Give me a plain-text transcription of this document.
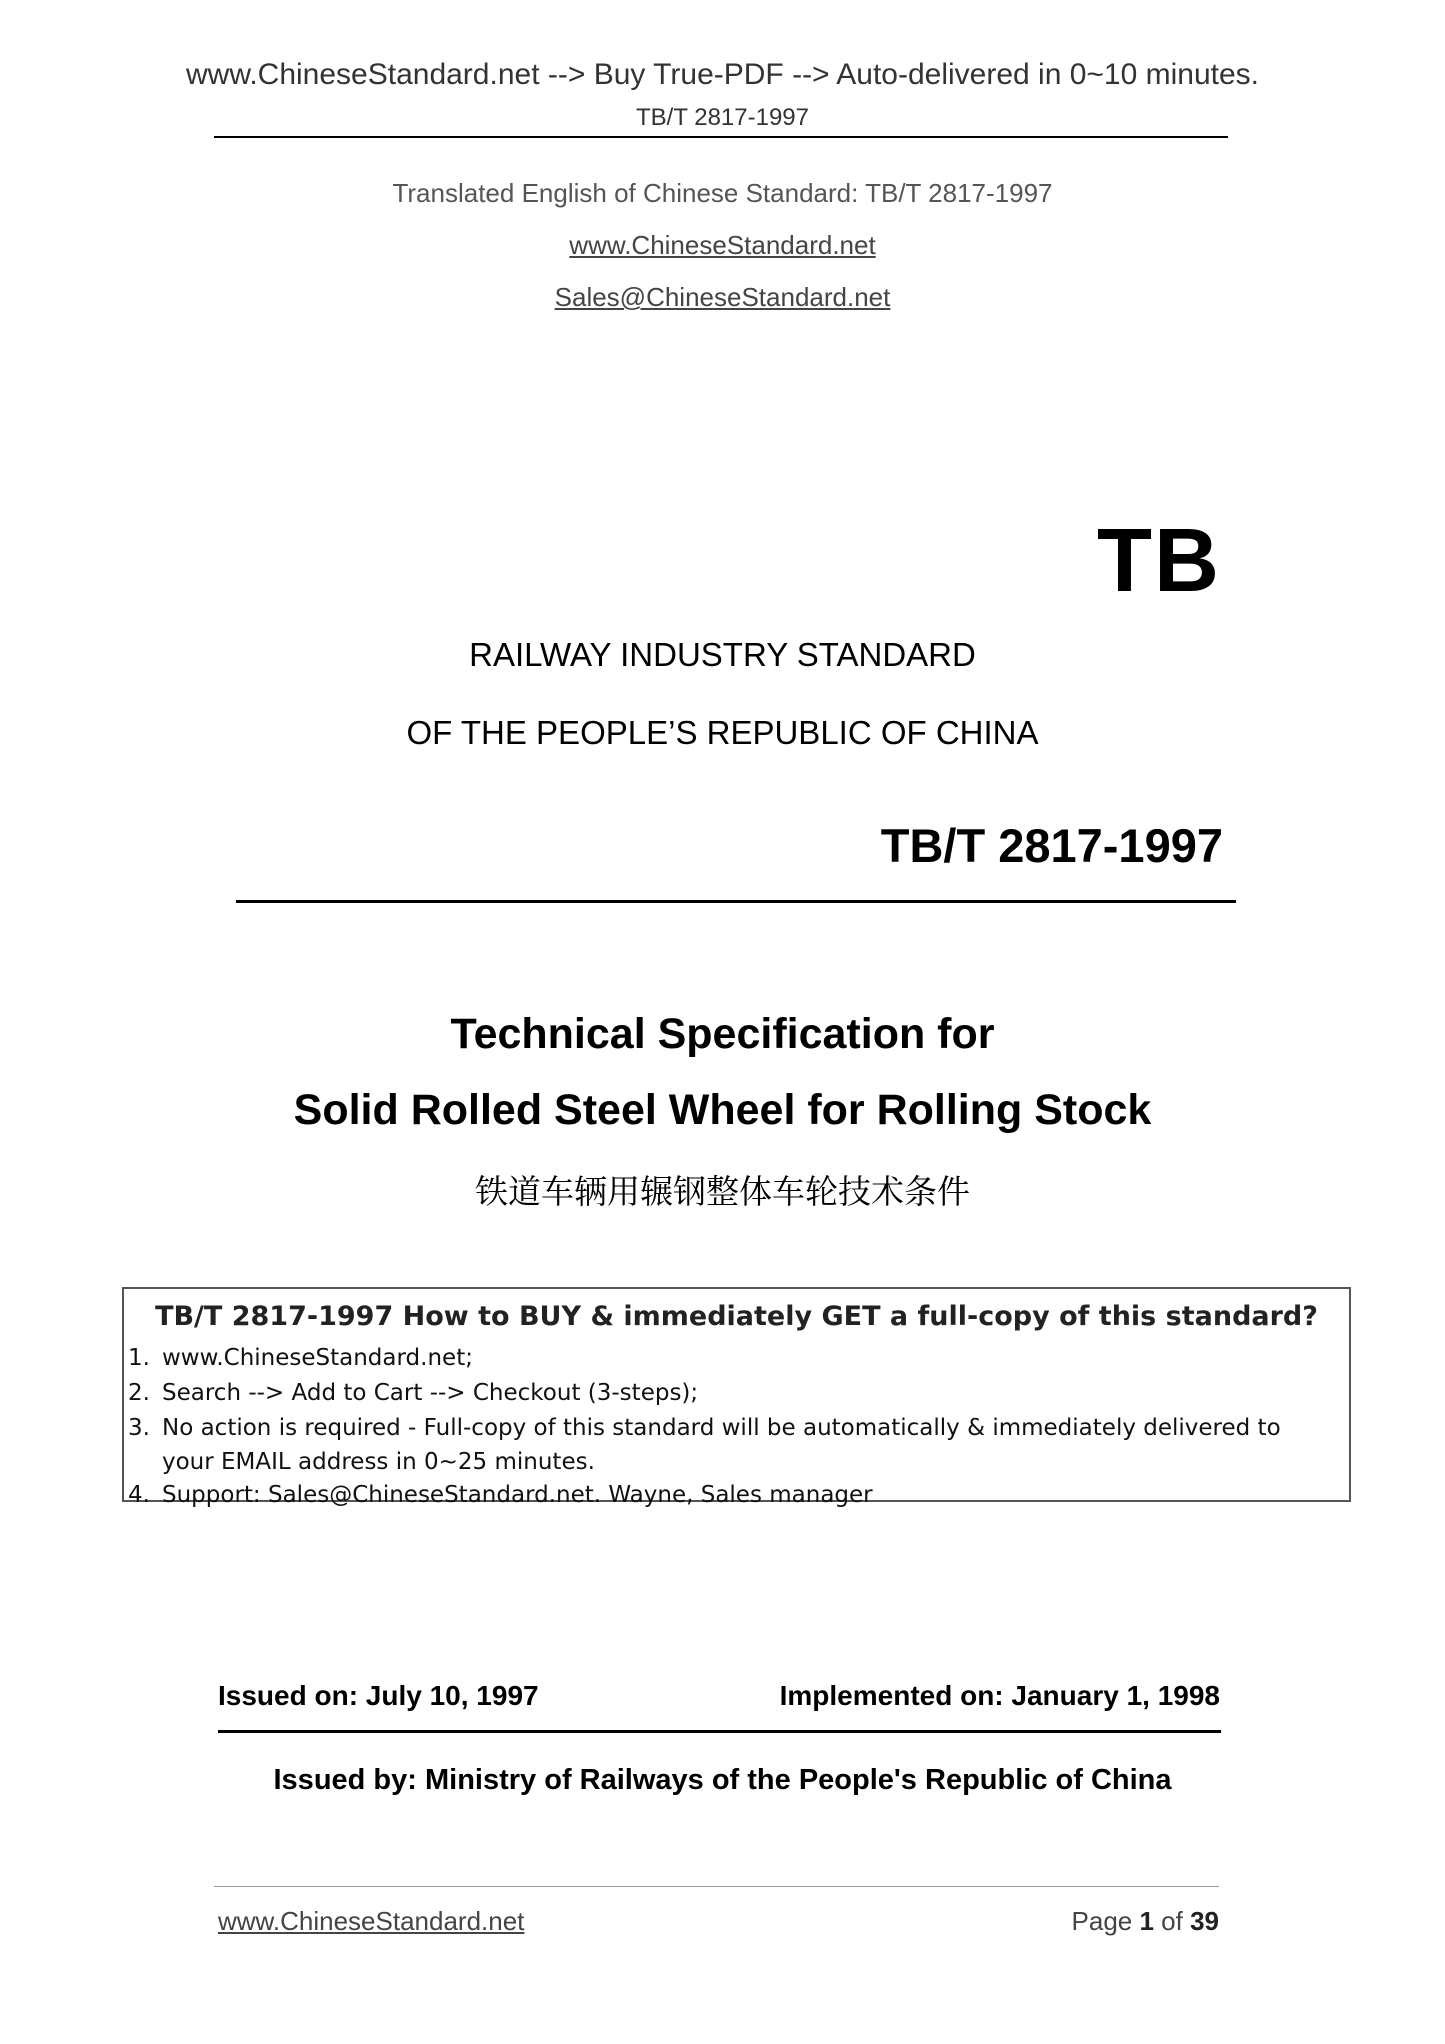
www.ChineseStandard.net --> Buy True-PDF --> Auto-delivered in 0~10 minutes.
TB/T 2817-1997
Translated English of Chinese Standard: TB/T 2817-1997
www.ChineseStandard.net
Sales@ChineseStandard.net
TB
RAILWAY INDUSTRY STANDARD
OF THE PEOPLE’S REPUBLIC OF CHINA
TB/T 2817-1997
Technical Specification for
Solid Rolled Steel Wheel for Rolling Stock
铁道车辆用辗钢整体车轮技术条件
TB/T 2817-1997 How to BUY & immediately GET a full-copy of this standard?
1. www.ChineseStandard.net;
2. Search --> Add to Cart --> Checkout (3-steps);
3. No action is required - Full-copy of this standard will be automatically & immediately delivered to
your EMAIL address in 0~25 minutes.
4. Support: Sales@ChineseStandard.net. Wayne, Sales manager
Issued on: July 10, 1997	Implemented on: January 1, 1998
Issued by: Ministry of Railways of the People's Republic of China
www.ChineseStandard.net	Page 1 of 39
